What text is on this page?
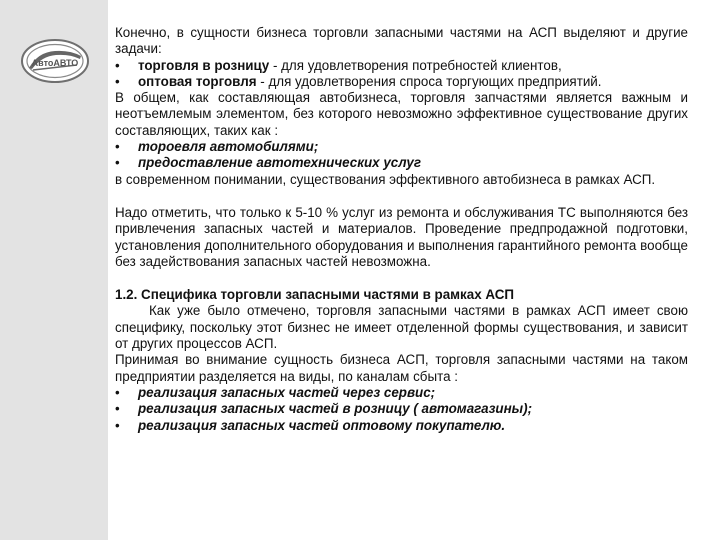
АвтоАВТО

Конечно, в сущности бизнеса торговли запасными частями на АСП выделяют и другие задачи:

•	торговля в розницу - для удовлетворения потребностей клиентов,
•	оптовая торговля - для удовлетворения спроса торгующих предприятий.

В общем, как составляющая автобизнеса, торговля запчастями является важным и неотъемлемым элементом, без которого невозможно эффективное существование других составляющих, таких как :

•	тороевля автомобилями;
•	предоставление автотехнических услуг

в современном понимании, существования эффективного автобизнеса в рамках АСП.

Надо отметить, что только к 5-10 % услуг из ремонта и обслуживания ТС выполняются без привлечения запасных частей и материалов. Проведение предпродажной подготовки, установления дополнительного оборудования и выполнения гарантийного ремонта вообще без задействования запасных частей невозможна.

1.2. Специфика торговли запасными частями в рамках АСП

Как уже было отмечено, торговля запасными частями в рамках АСП имеет свою специфику, поскольку этот бизнес не имеет отделенной формы существования, и зависит от других процессов АСП.

Принимая во внимание сущность бизнеса АСП, торговля запасными частями на таком предприятии разделяется на виды, по каналам сбыта :

•	реализация запасных частей через сервис;
•	реализация запасных частей в розницу ( автомагазины);
•	реализация запасных частей оптовому покупателю.
